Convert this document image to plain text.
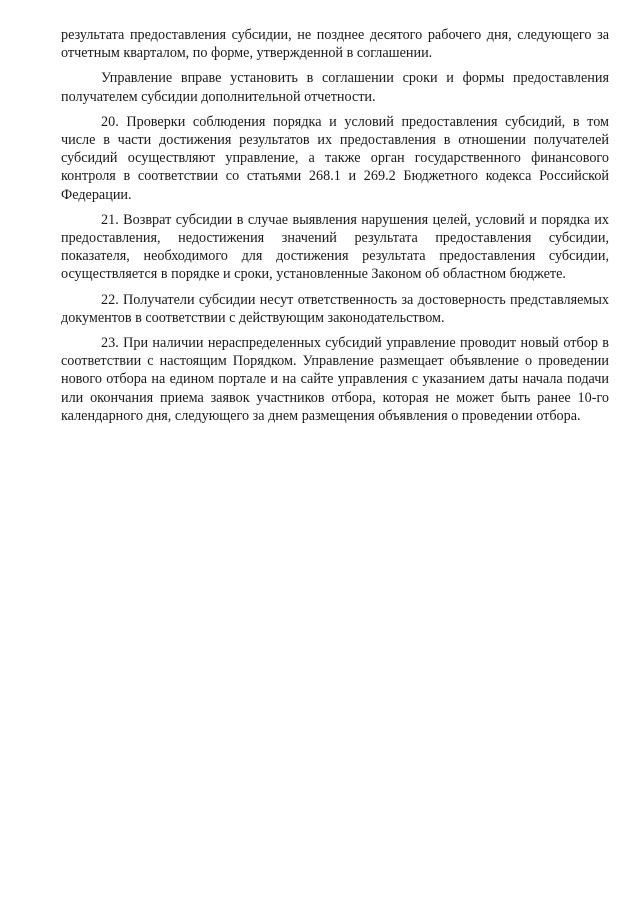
результата предоставления субсидии, не позднее десятого рабочего дня, следующего за отчетным кварталом, по форме, утвержденной в соглашении.

Управление вправе установить в соглашении сроки и формы предоставления получателем субсидии дополнительной отчетности.

20. Проверки соблюдения порядка и условий предоставления субсидий, в том числе в части достижения результатов их предоставления в отношении получателей субсидий осуществляют управление, а также орган государственного финансового контроля в соответствии со статьями 268.1 и 269.2 Бюджетного кодекса Российской Федерации.

21. Возврат субсидии в случае выявления нарушения целей, условий и порядка их предоставления, недостижения значений результата предоставления субсидии, показателя, необходимого для достижения результата предоставления субсидии, осуществляется в порядке и сроки, установленные Законом об областном бюджете.

22. Получатели субсидии несут ответственность за достоверность представляемых документов в соответствии с действующим законодательством.

23. При наличии нераспределенных субсидий управление проводит новый отбор в соответствии с настоящим Порядком. Управление размещает объявление о проведении нового отбора на едином портале и на сайте управления с указанием даты начала подачи или окончания приема заявок участников отбора, которая не может быть ранее 10-го календарного дня, следующего за днем размещения объявления о проведении отбора.
